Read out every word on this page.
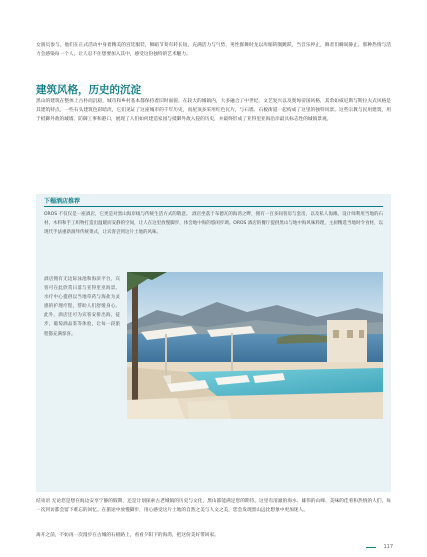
女演员参与。他们在正式活动中身着精美的宫廷服装，舞蹈节奏有转长短，充满活力与气势，男性群舞时龙以库缩转圈跳跃，当音乐停止，舞者们瞬间静止。那种热情与活力会感染每一个人，让人忍不住想要加入其中，感受这份独特的艺术魅力。

建筑风格，历史的沉淀

黑山的建筑在整体上古朴而沉稳，城市和乡村基本都保持着旧时面貌。在较大的城镇内，大多融合了中世纪、文艺复兴以及奥匈帝国风格，其余如威尼斯与斯拉夫式风格是其建筑特点。一些石头建筑色彩暗淡，它们见证了这座城市的千年历史，而屋顶多采用红色瓦片，与石墙、石板街道一起构成了这里的独特风景。这些宗教与民用建筑，用于抵御外敌的城墙、防御工事和港口，展现了人们如何建造家园与抵御外敌入侵的历史，并最终形成了亚得里亚海沿岸最具标志性的城镇景观。

下榻酒店推荐

OROS 不仅仅是一座酒店，它更是对黑山海岸线与传统生活方式的敬意。 酒店坐落于布德瓦的海湾之畔，拥有一百多间客房与套房，以及私人海滩。设计师利用当地的石材、木料和手工织物打造出温暖而安静的空间，让人在这里放慢脚步，体会地中海的悠闲步调。OROS 酒店的餐厅提供黑山与地中海风味料理，主厨精选当地时令食材，以现代手法重新演绎传统菜式，让宾客尝到这片土地的风味。

酒店拥有无边际泳池和海滨平台，宾客可在此欣赏日落与亚得里亚海景。水疗中心提供以当地草药与海盐为灵感的护理疗程，帮助人们舒缓身心。此外，酒店还可为宾客安排出海、徒步、葡萄酒品鉴等体验，让每一段旅程都充满惊喜。

结束语 无论您是想在海边安享宁静的假期，还是计划探索古老城镇的历史与文化，黑山都能满足您的期待。这里有清澈的海水、雄伟的山峰、美味的佳肴和热情的人们，每一次到访都会留下难忘的回忆。在旅途中放慢脚步，用心感受这片土地的自然之美与人文之美，您会发现黑山远比想象中更加迷人。

离开之前，不妨再一次漫步在古城的石板路上，看看夕阳下的海湾，把这份美好带回家。

117
